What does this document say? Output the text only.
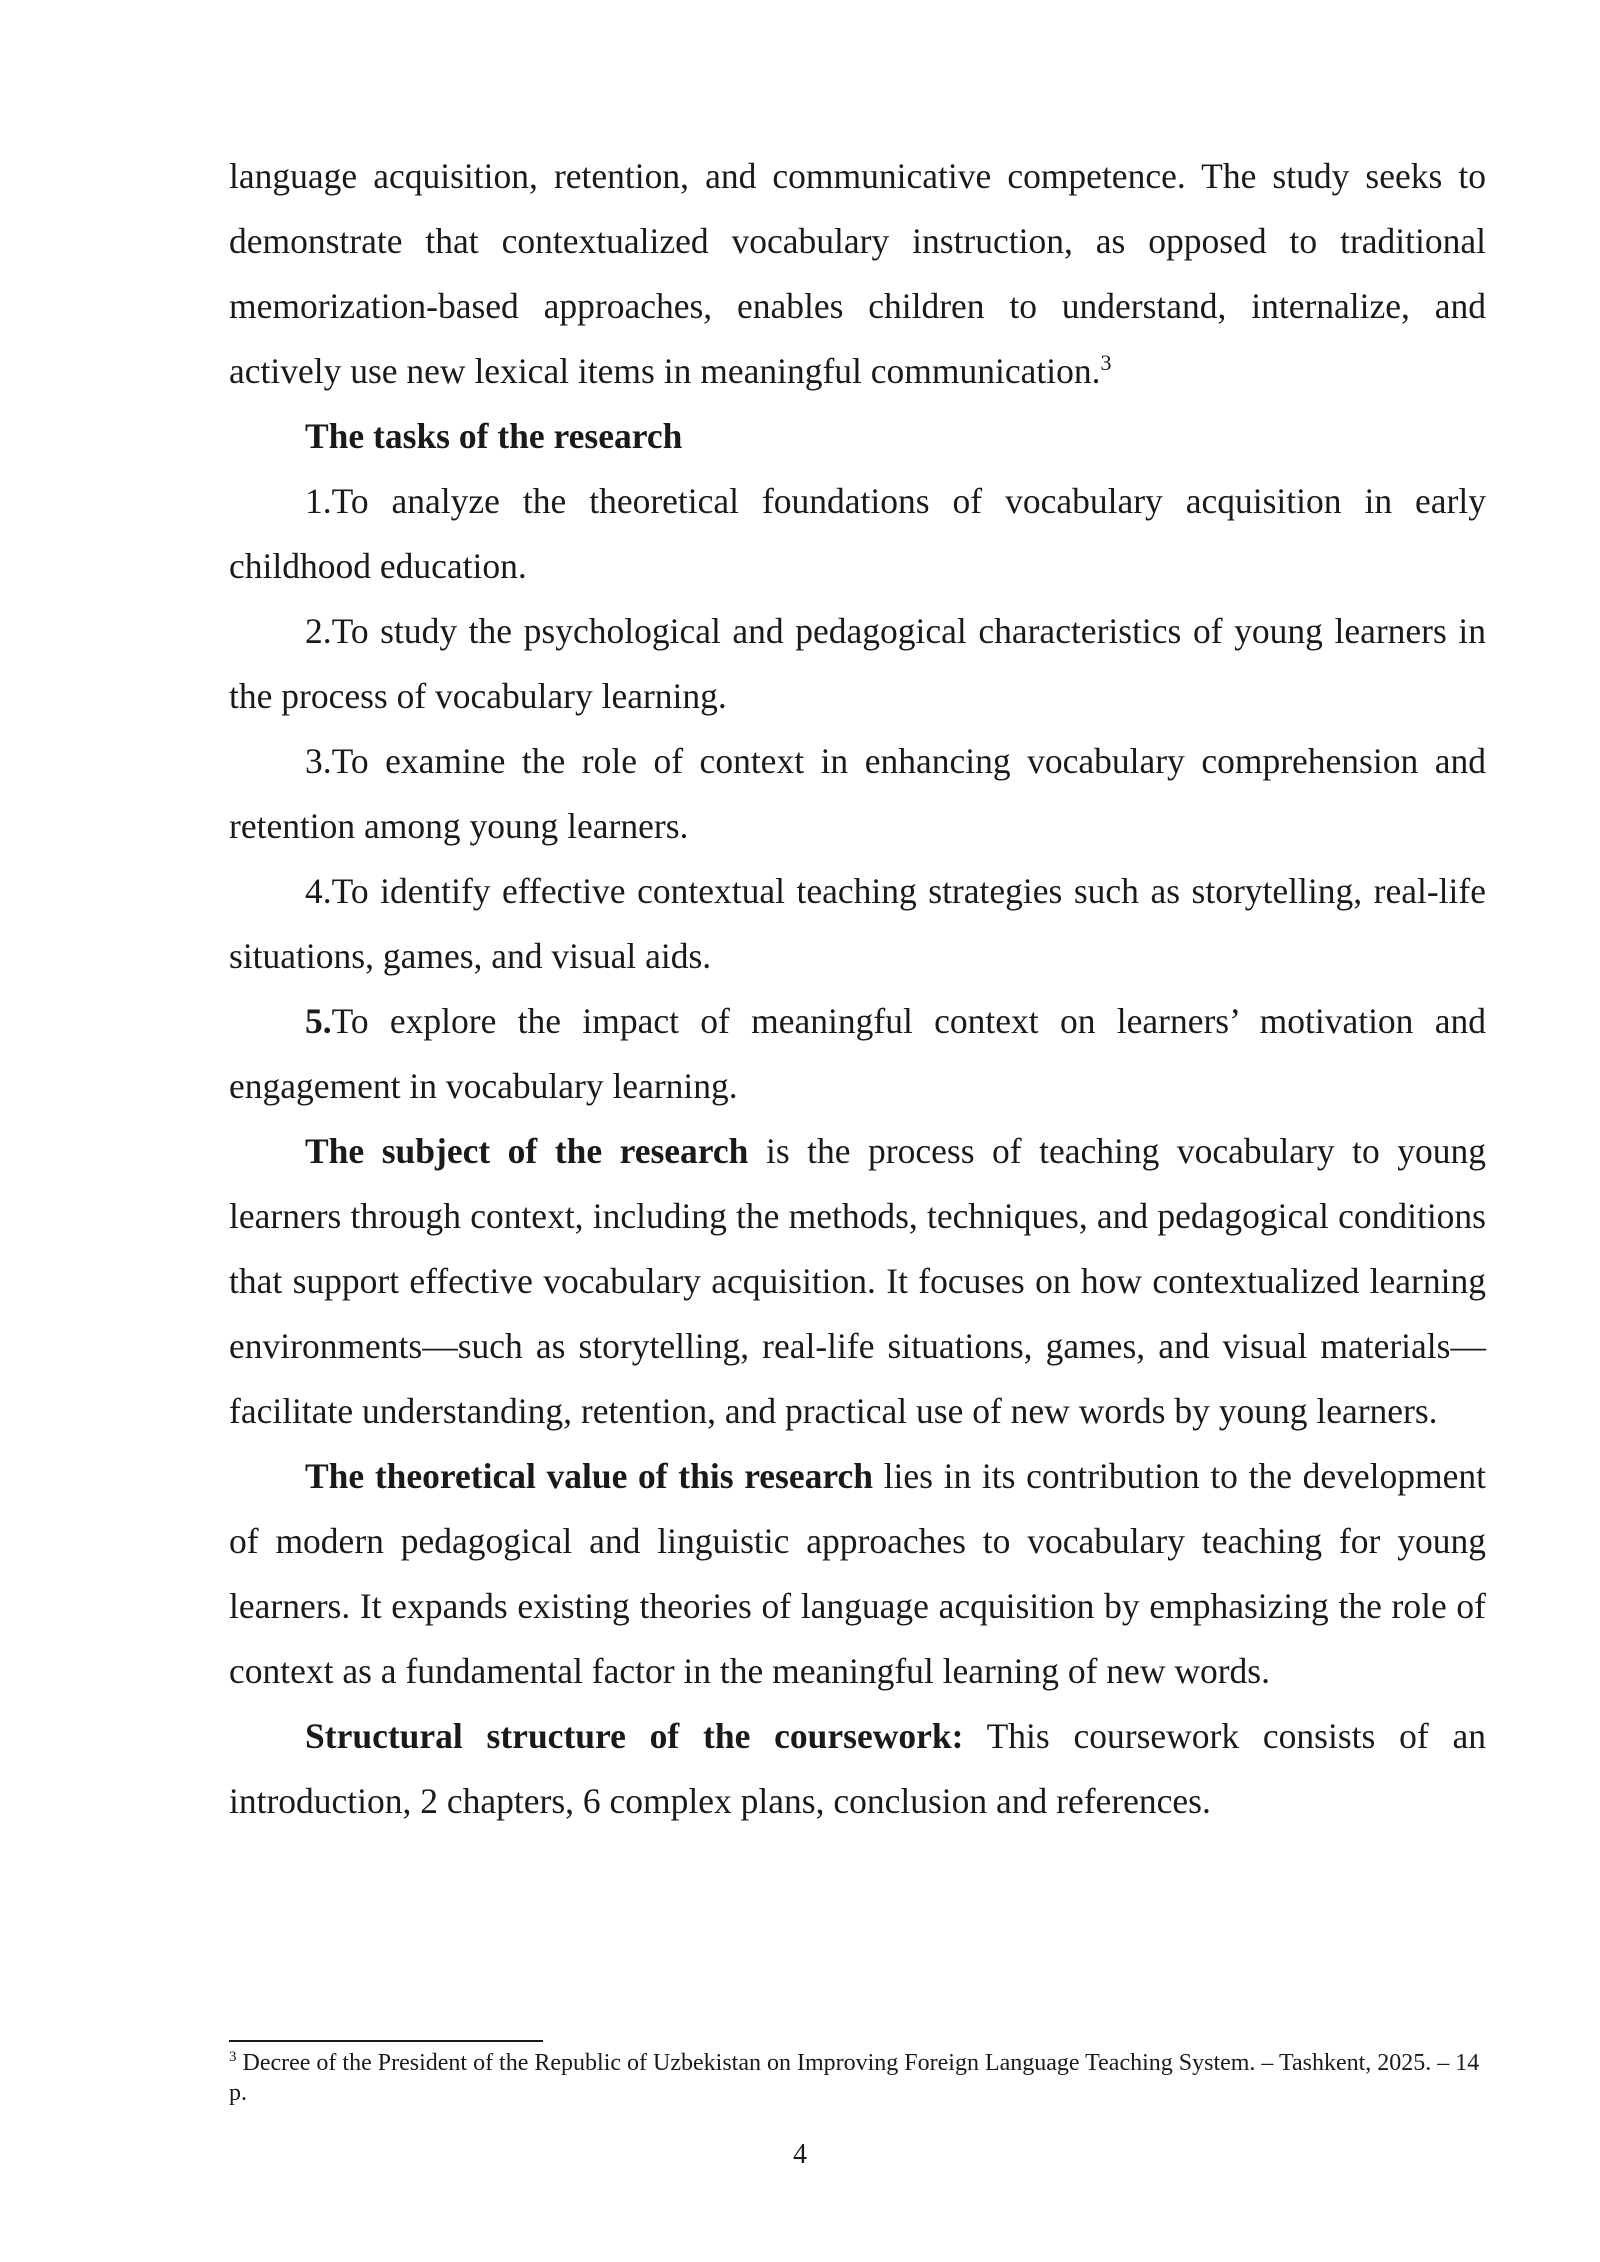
language acquisition, retention, and communicative competence. The study seeks to demonstrate that contextualized vocabulary instruction, as opposed to traditional memorization-based approaches, enables children to understand, internalize, and actively use new lexical items in meaningful communication.$^3$

The tasks of the research

1.To analyze the theoretical foundations of vocabulary acquisition in early childhood education.

2.To study the psychological and pedagogical characteristics of young learners in the process of vocabulary learning.

3.To examine the role of context in enhancing vocabulary comprehension and retention among young learners.

4.To identify effective contextual teaching strategies such as storytelling, real-life situations, games, and visual aids.

5.To explore the impact of meaningful context on learners’ motivation and engagement in vocabulary learning.

The subject of the research is the process of teaching vocabulary to young learners through context, including the methods, techniques, and pedagogical conditions that support effective vocabulary acquisition. It focuses on how contextualized learning environments—such as storytelling, real-life situations, games, and visual materials—facilitate understanding, retention, and practical use of new words by young learners.

The theoretical value of this research lies in its contribution to the development of modern pedagogical and linguistic approaches to vocabulary teaching for young learners. It expands existing theories of language acquisition by emphasizing the role of context as a fundamental factor in the meaningful learning of new words.

Structural structure of the coursework: This coursework consists of an introduction, 2 chapters, 6 complex plans, conclusion and references.

$^3$ Decree of the President of the Republic of Uzbekistan on Improving Foreign Language Teaching System. – Tashkent, 2025. – 14 p.
4
